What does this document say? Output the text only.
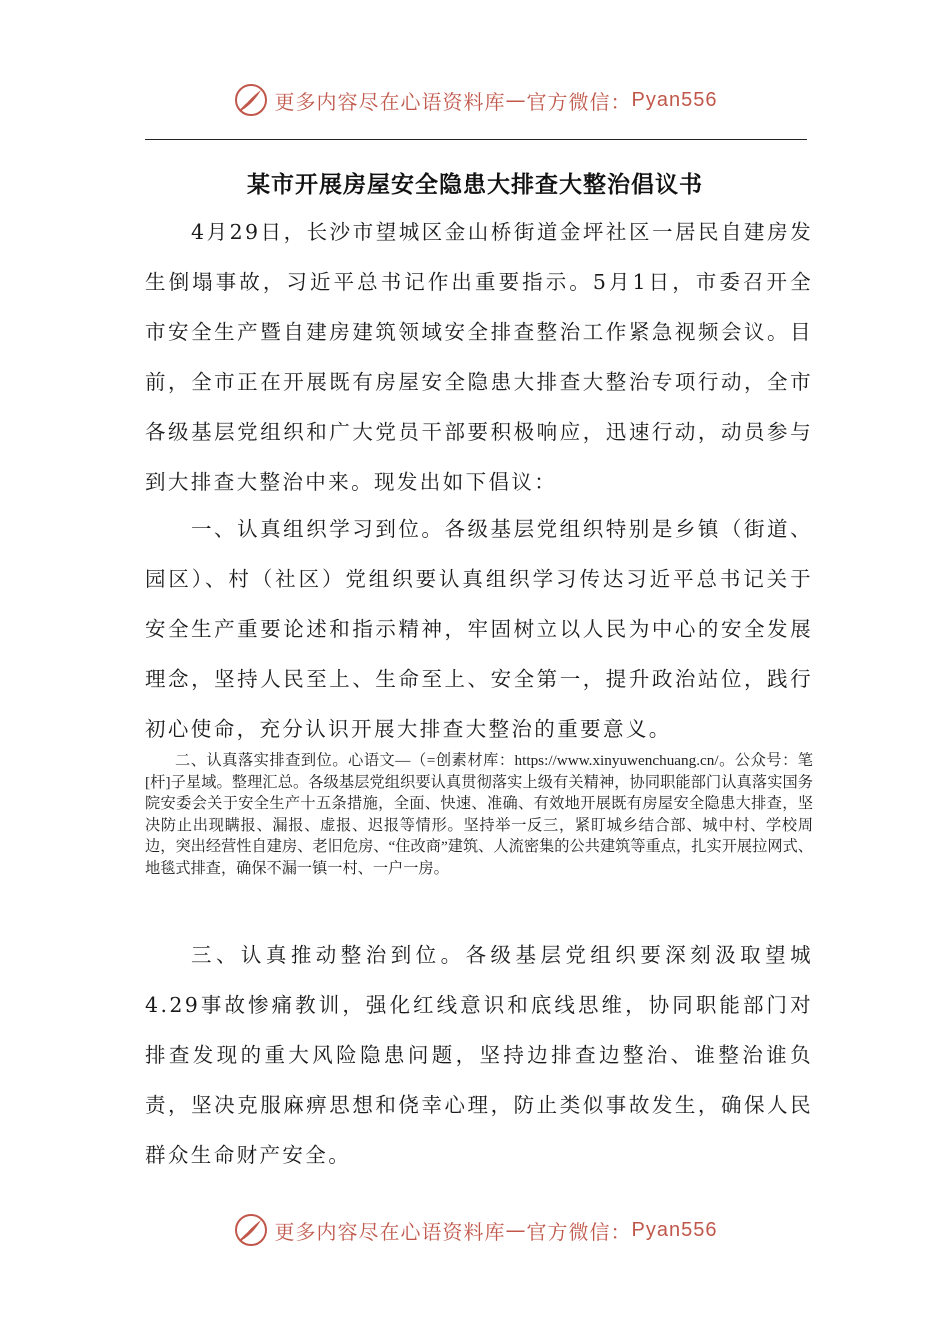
更多内容尽在心语资料库 — 官方微信： Pyan556
某市开展房屋安全隐患大排查大整治倡议书

4月29日，长沙市望城区金山桥街道金坪社区一居民自建房发生倒塌事故，习近平总书记作出重要指示。5月1日，市委召开全市安全生产暨自建房建筑领域安全排查整治工作紧急视频会议。目前，全市正在开展既有房屋安全隐患大排查大整治专项行动，全市各级基层党组织和广大党员干部要积极响应，迅速行动，动员参与到大排查大整治中来。现发出如下倡议：

一、认真组织学习到位。各级基层党组织特别是乡镇（街道、园区）、村（社区）党组织要认真组织学习传达习近平总书记关于安全生产重要论述和指示精神，牢固树立以人民为中心的安全发展理念，坚持人民至上、生命至上、安全第一，提升政治站位，践行初心使命，充分认识开展大排查大整治的重要意义。

二、认真落实排查到位。心语文—（=创素材库：https://www.xinyuwenchuang.cn/。公众号：笔[杆]子星域。整理汇总。各级基层党组织要认真贯彻落实上级有关精神，协同职能部门认真落实国务院安委会关于安全生产十五条措施，全面、快速、准确、有效地开展既有房屋安全隐患大排查，坚决防止出现瞒报、漏报、虚报、迟报等情形。坚持举一反三，紧盯城乡结合部、城中村、学校周边，突出经营性自建房、老旧危房、“住改商”建筑、人流密集的公共建筑等重点，扎实开展拉网式、地毯式排查，确保不漏一镇一村、一户一房。

三、认真推动整治到位。各级基层党组织要深刻汲取望城4.29事故惨痛教训，强化红线意识和底线思维，协同职能部门对排查发现的重大风险隐患问题，坚持边排查边整治、谁整治谁负责，坚决克服麻痹思想和侥幸心理，防止类似事故发生，确保人民群众生命财产安全。

更多内容尽在心语资料库 — 官方微信： Pyan556
